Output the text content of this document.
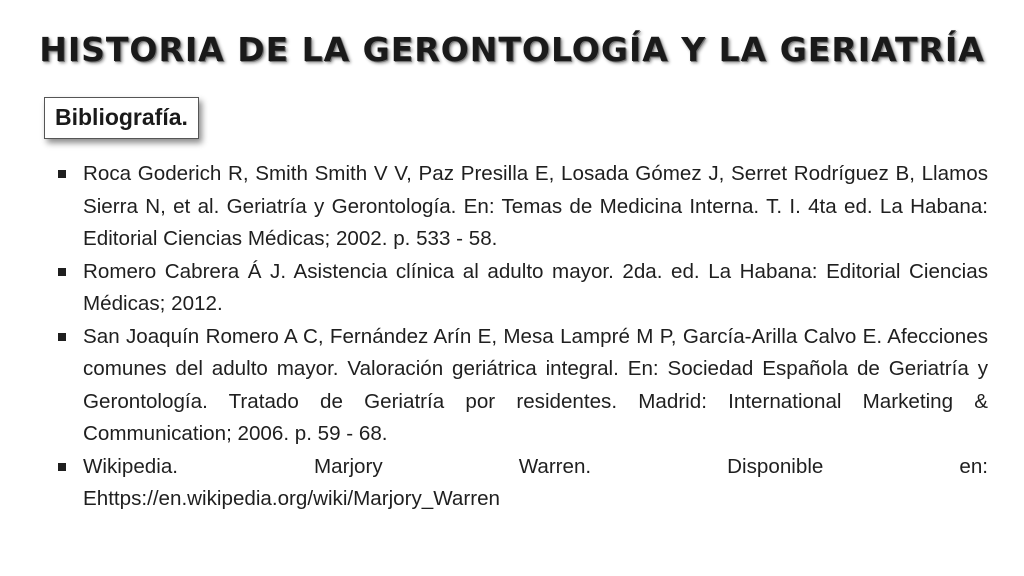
HISTORIA DE LA GERONTOLOGÍA Y LA GERIATRÍA
Bibliografía.
Roca Goderich R, Smith Smith V V, Paz Presilla E, Losada Gómez J, Serret Rodríguez B, Llamos Sierra N, et al. Geriatría y Gerontología. En: Temas de Medicina Interna. T. I. 4ta ed. La Habana: Editorial Ciencias Médicas; 2002. p. 533 - 58.
Romero Cabrera Á J. Asistencia clínica al adulto mayor. 2da. ed. La Habana: Editorial Ciencias Médicas; 2012.
San Joaquín Romero A C, Fernández Arín E, Mesa Lampré M P, García-Arilla Calvo E. Afecciones comunes del adulto mayor. Valoración geriátrica integral. En: Sociedad Española de Geriatría y Gerontología. Tratado de Geriatría por residentes. Madrid: International Marketing & Communication; 2006. p. 59 - 68.
Wikipedia. Marjory Warren. Disponible en:
Ehttps://en.wikipedia.org/wiki/Marjory_Warren
